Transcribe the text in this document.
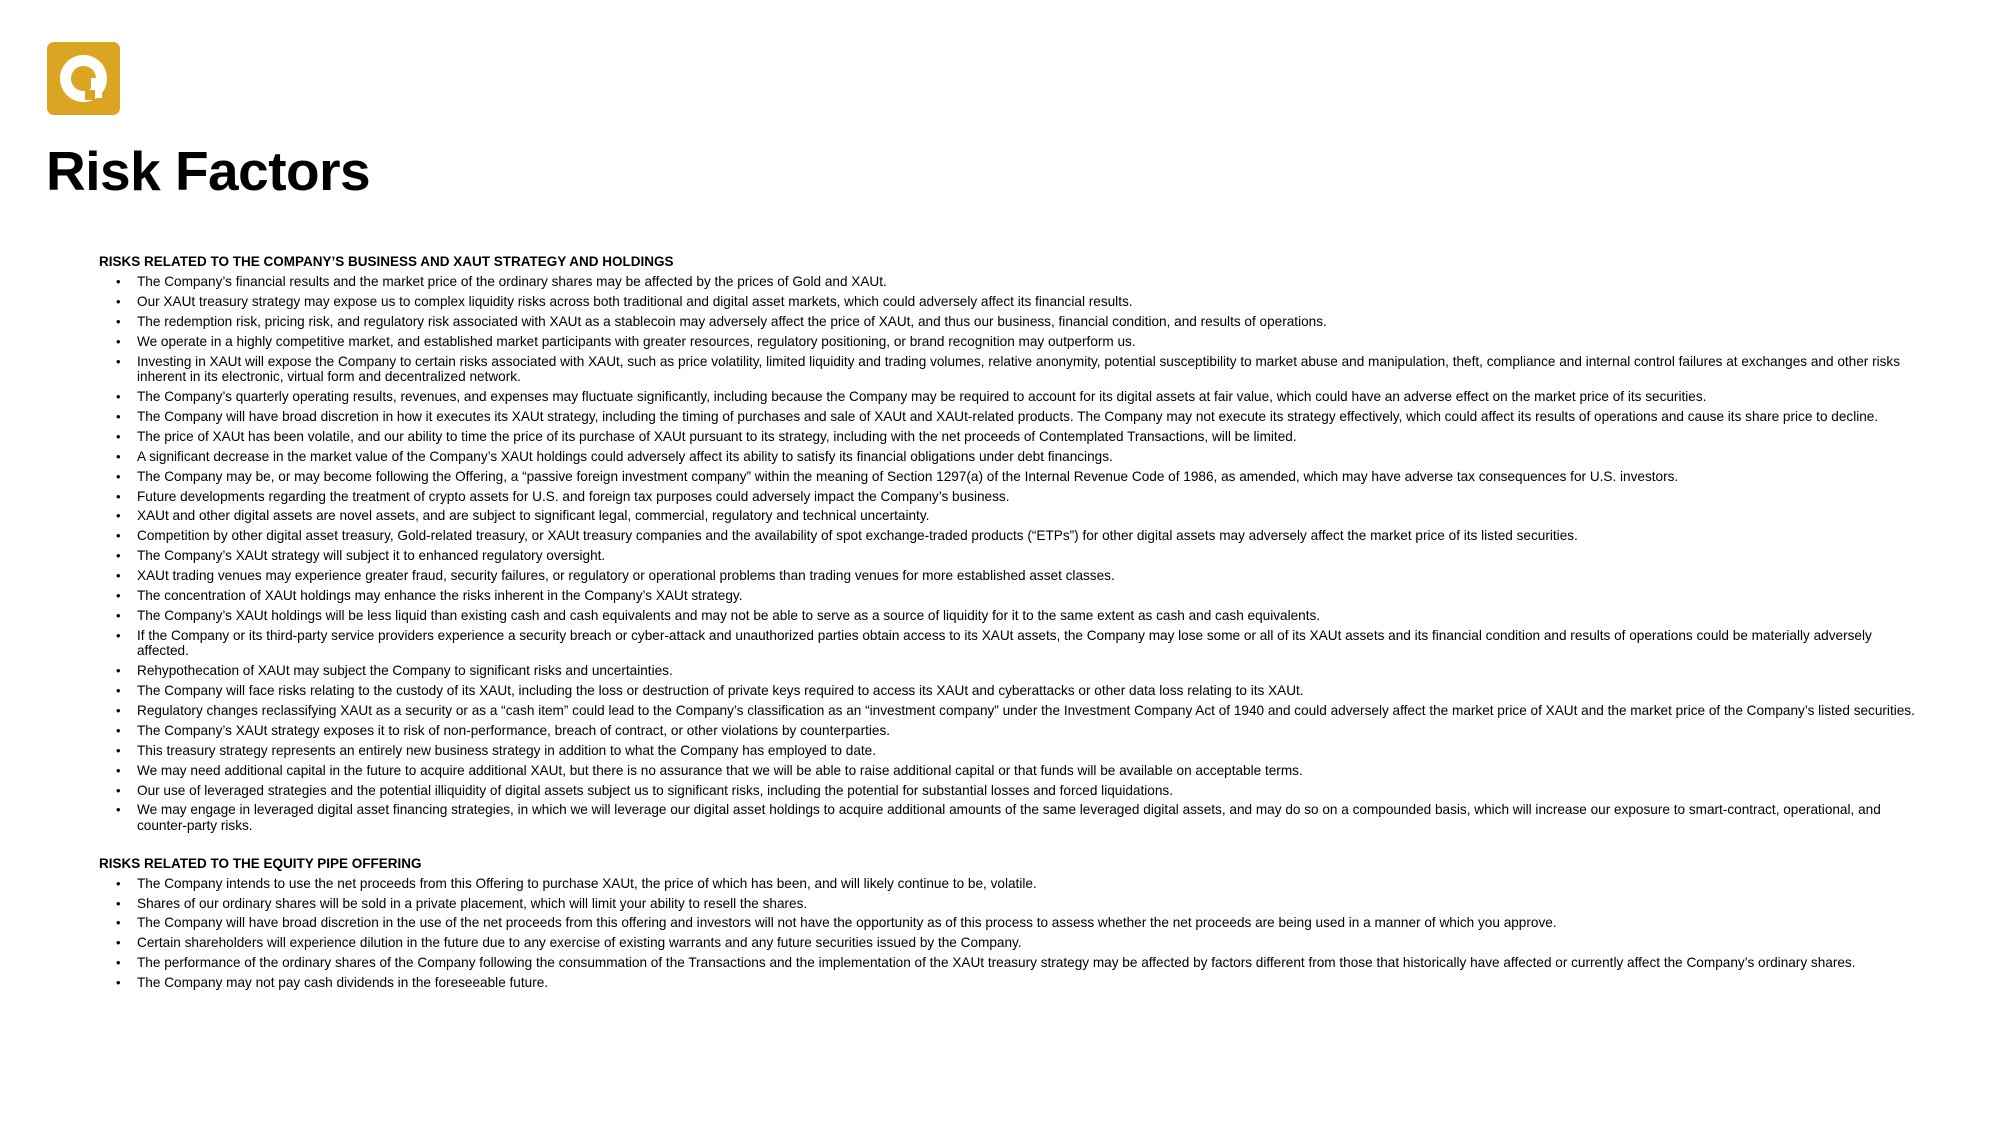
Risk Factors
RISKS RELATED TO THE COMPANY’S BUSINESS AND XAUT STRATEGY AND HOLDINGS
• The Company’s financial results and the market price of the ordinary shares may be affected by the prices of Gold and XAUt.
• Our XAUt treasury strategy may expose us to complex liquidity risks across both traditional and digital asset markets, which could adversely affect its financial results.
• The redemption risk, pricing risk, and regulatory risk associated with XAUt as a stablecoin may adversely affect the price of XAUt, and thus our business, financial condition, and results of operations.
• We operate in a highly competitive market, and established market participants with greater resources, regulatory positioning, or brand recognition may outperform us.
• Investing in XAUt will expose the Company to certain risks associated with XAUt, such as price volatility, limited liquidity and trading volumes, relative anonymity, potential susceptibility to market abuse and manipulation, theft, compliance and internal control failures at exchanges and other risks inherent in its electronic, virtual form and decentralized network.
• The Company’s quarterly operating results, revenues, and expenses may fluctuate significantly, including because the Company may be required to account for its digital assets at fair value, which could have an adverse effect on the market price of its securities.
• The Company will have broad discretion in how it executes its XAUt strategy, including the timing of purchases and sale of XAUt and XAUt-related products. The Company may not execute its strategy effectively, which could affect its results of operations and cause its share price to decline.
• The price of XAUt has been volatile, and our ability to time the price of its purchase of XAUt pursuant to its strategy, including with the net proceeds of Contemplated Transactions, will be limited.
• A significant decrease in the market value of the Company’s XAUt holdings could adversely affect its ability to satisfy its financial obligations under debt financings.
• The Company may be, or may become following the Offering, a “passive foreign investment company” within the meaning of Section 1297(a) of the Internal Revenue Code of 1986, as amended, which may have adverse tax consequences for U.S. investors.
• Future developments regarding the treatment of crypto assets for U.S. and foreign tax purposes could adversely impact the Company’s business.
• XAUt and other digital assets are novel assets, and are subject to significant legal, commercial, regulatory and technical uncertainty.
• Competition by other digital asset treasury, Gold-related treasury, or XAUt treasury companies and the availability of spot exchange-traded products (“ETPs”) for other digital assets may adversely affect the market price of its listed securities.
• The Company’s XAUt strategy will subject it to enhanced regulatory oversight.
• XAUt trading venues may experience greater fraud, security failures, or regulatory or operational problems than trading venues for more established asset classes.
• The concentration of XAUt holdings may enhance the risks inherent in the Company’s XAUt strategy.
• The Company’s XAUt holdings will be less liquid than existing cash and cash equivalents and may not be able to serve as a source of liquidity for it to the same extent as cash and cash equivalents.
• If the Company or its third-party service providers experience a security breach or cyber-attack and unauthorized parties obtain access to its XAUt assets, the Company may lose some or all of its XAUt assets and its financial condition and results of operations could be materially adversely affected.
• Rehypothecation of XAUt may subject the Company to significant risks and uncertainties.
• The Company will face risks relating to the custody of its XAUt, including the loss or destruction of private keys required to access its XAUt and cyberattacks or other data loss relating to its XAUt.
• Regulatory changes reclassifying XAUt as a security or as a “cash item” could lead to the Company’s classification as an “investment company” under the Investment Company Act of 1940 and could adversely affect the market price of XAUt and the market price of the Company’s listed securities.
• The Company’s XAUt strategy exposes it to risk of non-performance, breach of contract, or other violations by counterparties.
• This treasury strategy represents an entirely new business strategy in addition to what the Company has employed to date.
• We may need additional capital in the future to acquire additional XAUt, but there is no assurance that we will be able to raise additional capital or that funds will be available on acceptable terms.
• Our use of leveraged strategies and the potential illiquidity of digital assets subject us to significant risks, including the potential for substantial losses and forced liquidations.
• We may engage in leveraged digital asset financing strategies, in which we will leverage our digital asset holdings to acquire additional amounts of the same leveraged digital assets, and may do so on a compounded basis, which will increase our exposure to smart-contract, operational, and counter-party risks.
RISKS RELATED TO THE EQUITY PIPE OFFERING
• The Company intends to use the net proceeds from this Offering to purchase XAUt, the price of which has been, and will likely continue to be, volatile.
• Shares of our ordinary shares will be sold in a private placement, which will limit your ability to resell the shares.
• The Company will have broad discretion in the use of the net proceeds from this offering and investors will not have the opportunity as of this process to assess whether the net proceeds are being used in a manner of which you approve.
• Certain shareholders will experience dilution in the future due to any exercise of existing warrants and any future securities issued by the Company.
• The performance of the ordinary shares of the Company following the consummation of the Transactions and the implementation of the XAUt treasury strategy may be affected by factors different from those that historically have affected or currently affect the Company’s ordinary shares.
• The Company may not pay cash dividends in the foreseeable future.
